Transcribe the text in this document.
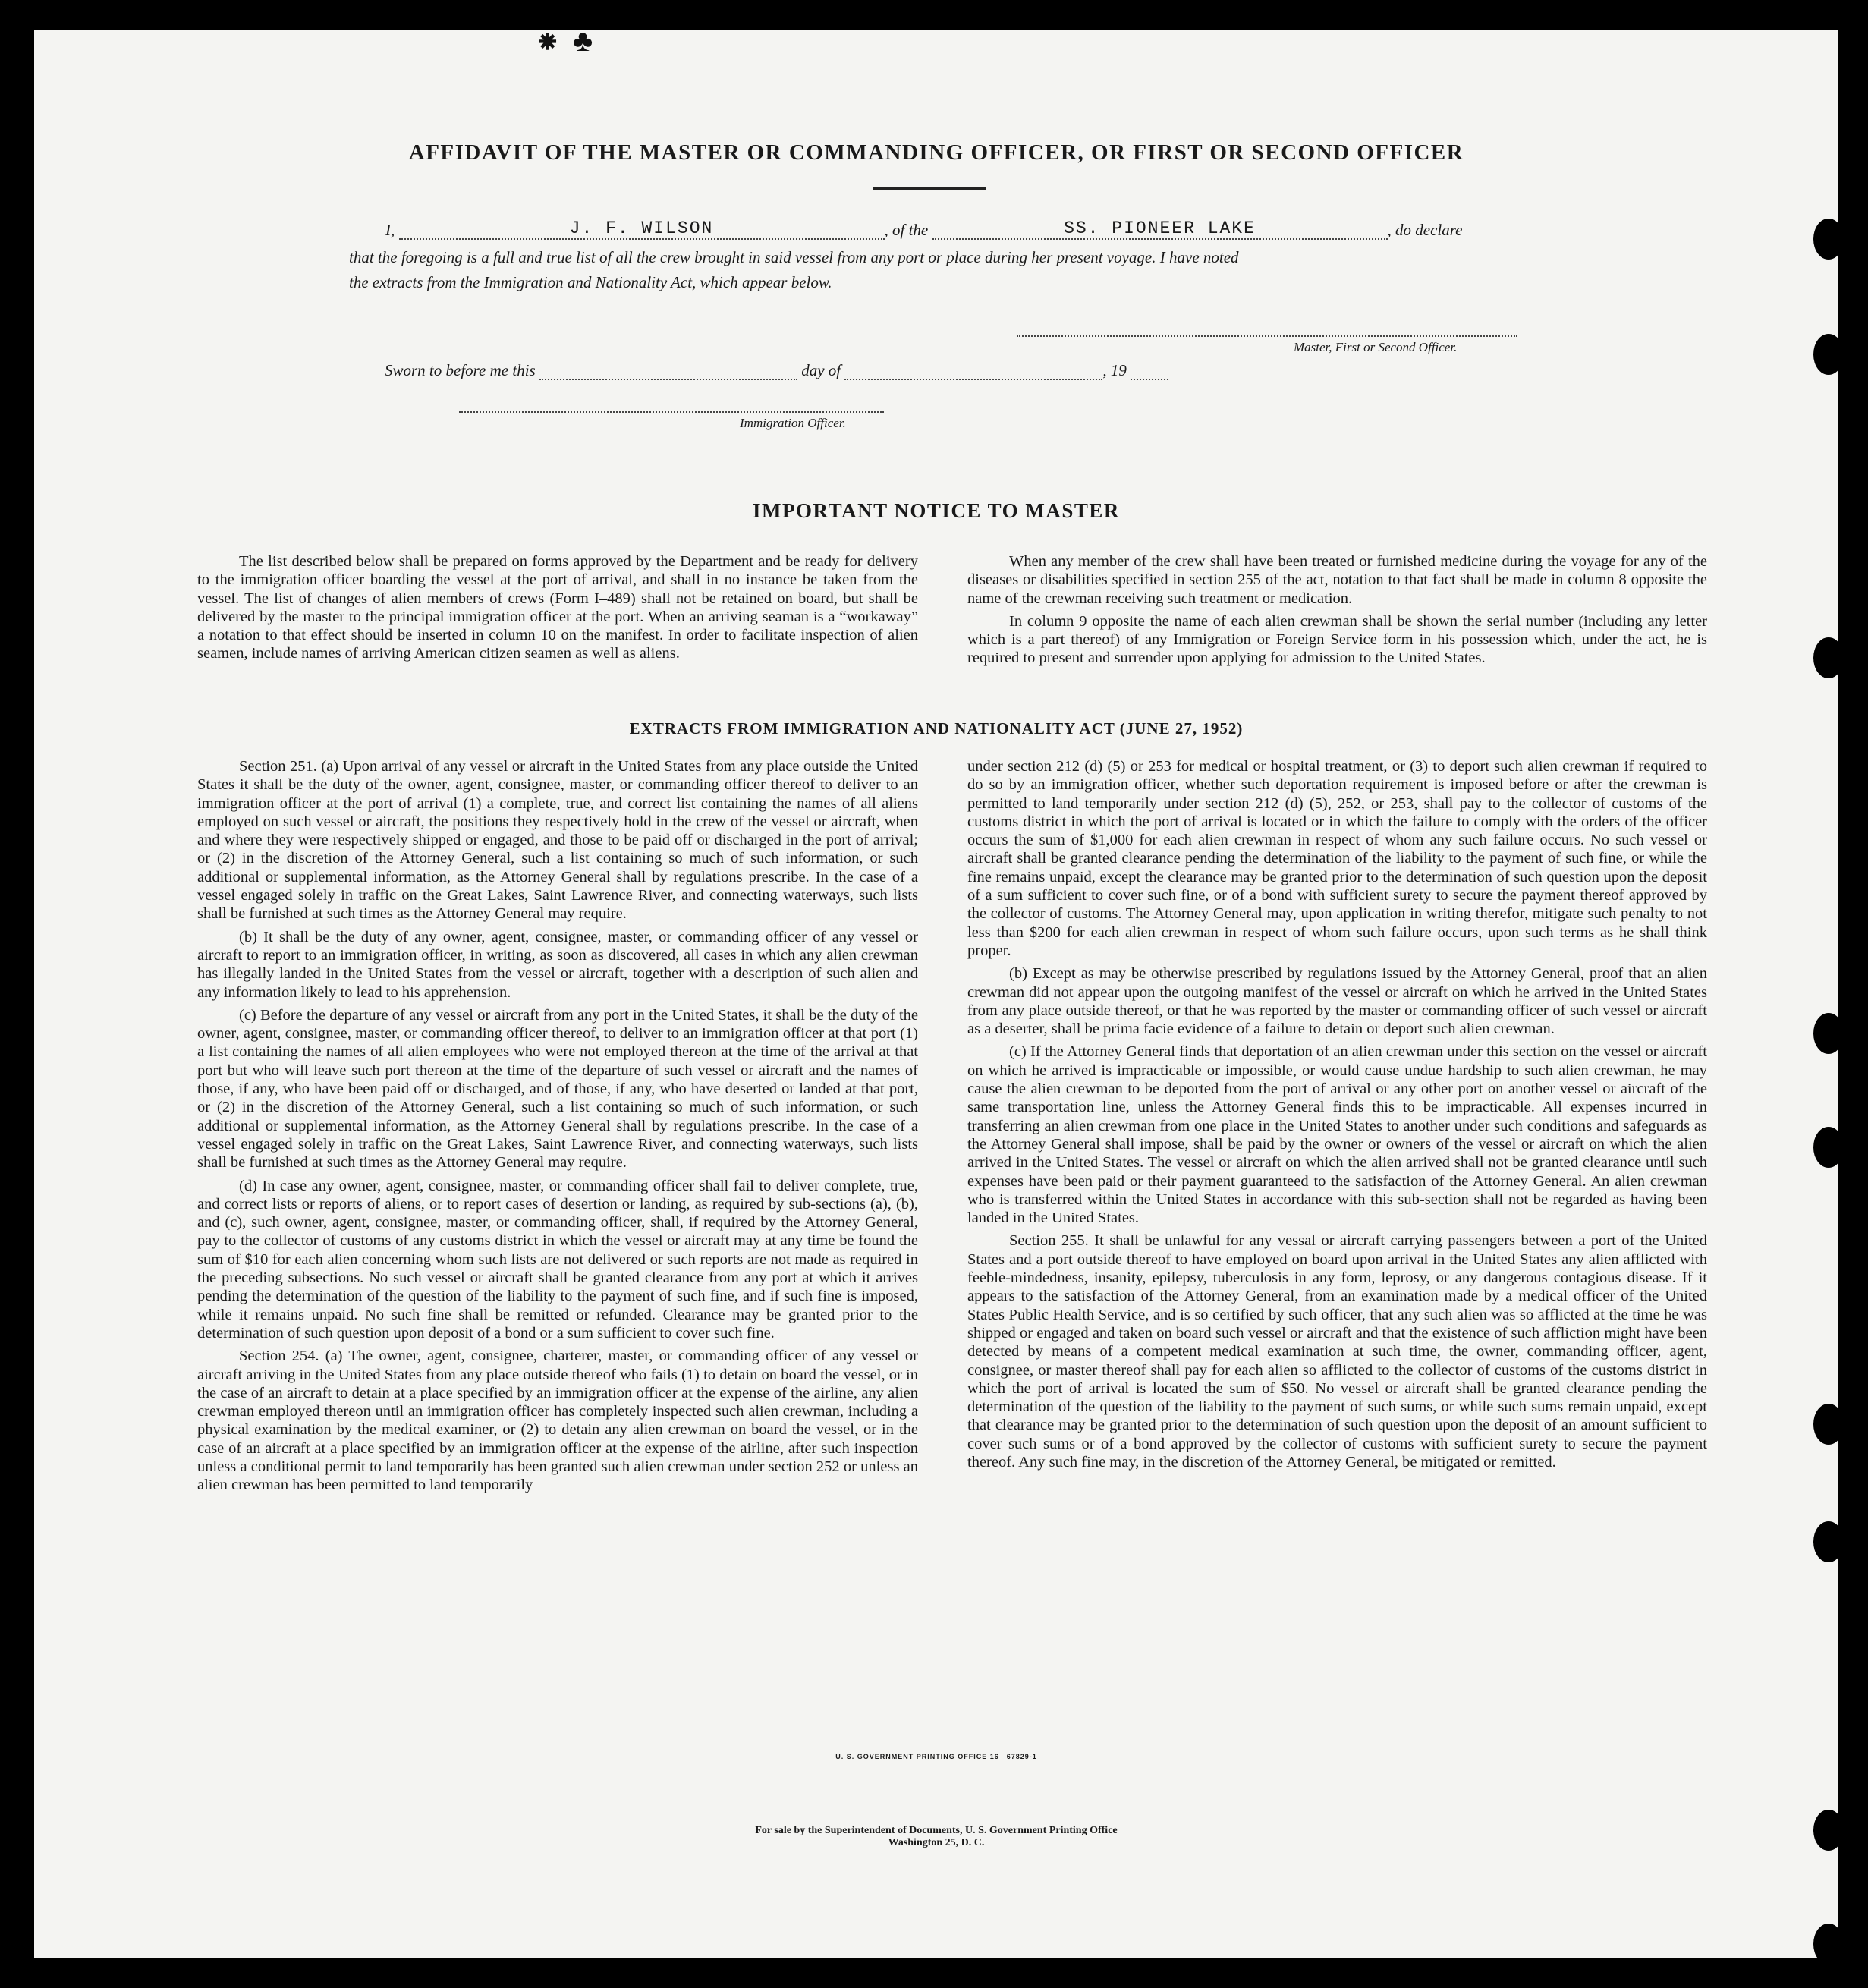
⁕ ♣
AFFIDAVIT OF THE MASTER OR COMMANDING OFFICER, OR FIRST OR SECOND OFFICER
I,	J. F. WILSON	, of the	SS. PIONEER LAKE	, do declare
that the foregoing is a full and true list of all the crew brought in said vessel from any port or place during her present voyage. I have noted
the extracts from the Immigration and Nationality Act, which appear below.
Master, First or Second Officer.
Sworn to before me this	day of	, 19
Immigration Officer.
IMPORTANT NOTICE TO MASTER

The list described below shall be prepared on forms approved by the Department and be ready for delivery to the immigration officer boarding the vessel at the port of arrival, and shall in no instance be taken from the vessel. The list of changes of alien members of crews (Form I–489) shall not be retained on board, but shall be delivered by the master to the principal immigration officer at the port. When an arriving seaman is a “workaway” a notation to that effect should be inserted in column 10 on the manifest. In order to facilitate inspection of alien seamen, include names of arriving American citizen seamen as well as aliens.

When any member of the crew shall have been treated or furnished medicine during the voyage for any of the diseases or disabilities specified in section 255 of the act, notation to that fact shall be made in column 8 opposite the name of the crewman receiving such treatment or medication.

In column 9 opposite the name of each alien crewman shall be shown the serial number (including any letter which is a part thereof) of any Immigration or Foreign Service form in his possession which, under the act, he is required to present and surrender upon applying for admission to the United States.

EXTRACTS FROM IMMIGRATION AND NATIONALITY ACT (JUNE 27, 1952)

Section 251. (a) Upon arrival of any vessel or aircraft in the United States from any place outside the United States it shall be the duty of the owner, agent, consignee, master, or commanding officer thereof to deliver to an immigration officer at the port of arrival (1) a complete, true, and correct list containing the names of all aliens employed on such vessel or aircraft, the positions they respectively hold in the crew of the vessel or aircraft, when and where they were respectively shipped or engaged, and those to be paid off or discharged in the port of arrival; or (2) in the discretion of the Attorney General, such a list containing so much of such information, or such additional or supplemental information, as the Attorney General shall by regulations prescribe. In the case of a vessel engaged solely in traffic on the Great Lakes, Saint Lawrence River, and connecting waterways, such lists shall be furnished at such times as the Attorney General may require.

(b) It shall be the duty of any owner, agent, consignee, master, or commanding officer of any vessel or aircraft to report to an immigration officer, in writing, as soon as discovered, all cases in which any alien crewman has illegally landed in the United States from the vessel or aircraft, together with a description of such alien and any information likely to lead to his apprehension.

(c) Before the departure of any vessel or aircraft from any port in the United States, it shall be the duty of the owner, agent, consignee, master, or commanding officer thereof, to deliver to an immigration officer at that port (1) a list containing the names of all alien employees who were not employed thereon at the time of the arrival at that port but who will leave such port thereon at the time of the departure of such vessel or aircraft and the names of those, if any, who have been paid off or discharged, and of those, if any, who have deserted or landed at that port, or (2) in the discretion of the Attorney General, such a list containing so much of such information, or such additional or supplemental information, as the Attorney General shall by regulations prescribe. In the case of a vessel engaged solely in traffic on the Great Lakes, Saint Lawrence River, and connecting waterways, such lists shall be furnished at such times as the Attorney General may require.

(d) In case any owner, agent, consignee, master, or commanding officer shall fail to deliver complete, true, and correct lists or reports of aliens, or to report cases of desertion or landing, as required by sub-sections (a), (b), and (c), such owner, agent, consignee, master, or commanding officer, shall, if required by the Attorney General, pay to the collector of customs of any customs district in which the vessel or aircraft may at any time be found the sum of $10 for each alien concerning whom such lists are not delivered or such reports are not made as required in the preceding subsections. No such vessel or aircraft shall be granted clearance from any port at which it arrives pending the determination of the question of the liability to the payment of such fine, and if such fine is imposed, while it remains unpaid. No such fine shall be remitted or refunded. Clearance may be granted prior to the determination of such question upon deposit of a bond or a sum sufficient to cover such fine.

Section 254. (a) The owner, agent, consignee, charterer, master, or commanding officer of any vessel or aircraft arriving in the United States from any place outside thereof who fails (1) to detain on board the vessel, or in the case of an aircraft to detain at a place specified by an immigration officer at the expense of the airline, any alien crewman employed thereon until an immigration officer has completely inspected such alien crewman, including a physical examination by the medical examiner, or (2) to detain any alien crewman on board the vessel, or in the case of an aircraft at a place specified by an immigration officer at the expense of the airline, after such inspection unless a conditional permit to land temporarily has been granted such alien crewman under section 252 or unless an alien crewman has been permitted to land temporarily

under section 212 (d) (5) or 253 for medical or hospital treatment, or (3) to deport such alien crewman if required to do so by an immigration officer, whether such deportation requirement is imposed before or after the crewman is permitted to land temporarily under section 212 (d) (5), 252, or 253, shall pay to the collector of customs of the customs district in which the port of arrival is located or in which the failure to comply with the orders of the officer occurs the sum of $1,000 for each alien crewman in respect of whom any such failure occurs. No such vessel or aircraft shall be granted clearance pending the determination of the liability to the payment of such fine, or while the fine remains unpaid, except the clearance may be granted prior to the determination of such question upon the deposit of a sum sufficient to cover such fine, or of a bond with sufficient surety to secure the payment thereof approved by the collector of customs. The Attorney General may, upon application in writing therefor, mitigate such penalty to not less than $200 for each alien crewman in respect of whom such failure occurs, upon such terms as he shall think proper.

(b) Except as may be otherwise prescribed by regulations issued by the Attorney General, proof that an alien crewman did not appear upon the outgoing manifest of the vessel or aircraft on which he arrived in the United States from any place outside thereof, or that he was reported by the master or commanding officer of such vessel or aircraft as a deserter, shall be prima facie evidence of a failure to detain or deport such alien crewman.

(c) If the Attorney General finds that deportation of an alien crewman under this section on the vessel or aircraft on which he arrived is impracticable or impossible, or would cause undue hardship to such alien crewman, he may cause the alien crewman to be deported from the port of arrival or any other port on another vessel or aircraft of the same transportation line, unless the Attorney General finds this to be impracticable. All expenses incurred in transferring an alien crewman from one place in the United States to another under such conditions and safeguards as the Attorney General shall impose, shall be paid by the owner or owners of the vessel or aircraft on which the alien arrived in the United States. The vessel or aircraft on which the alien arrived shall not be granted clearance until such expenses have been paid or their payment guaranteed to the satisfaction of the Attorney General. An alien crewman who is transferred within the United States in accordance with this sub-section shall not be regarded as having been landed in the United States.

Section 255. It shall be unlawful for any vessal or aircraft carrying passengers between a port of the United States and a port outside thereof to have employed on board upon arrival in the United States any alien afflicted with feeble-mindedness, insanity, epilepsy, tuberculosis in any form, leprosy, or any dangerous contagious disease. If it appears to the satisfaction of the Attorney General, from an examination made by a medical officer of the United States Public Health Service, and is so certified by such officer, that any such alien was so afflicted at the time he was shipped or engaged and taken on board such vessel or aircraft and that the existence of such affliction might have been detected by means of a competent medical examination at such time, the owner, commanding officer, agent, consignee, or master thereof shall pay for each alien so afflicted to the collector of customs of the customs district in which the port of arrival is located the sum of $50. No vessel or aircraft shall be granted clearance pending the determination of the question of the liability to the payment of such sums, or while such sums remain unpaid, except that clearance may be granted prior to the determination of such question upon the deposit of an amount sufficient to cover such sums or of a bond approved by the collector of customs with sufficient surety to secure the payment thereof. Any such fine may, in the discretion of the Attorney General, be mitigated or remitted.

U. S. GOVERNMENT PRINTING OFFICE 16—67829-1
For sale by the Superintendent of Documents, U. S. Government Printing Office
Washington 25, D. C.
